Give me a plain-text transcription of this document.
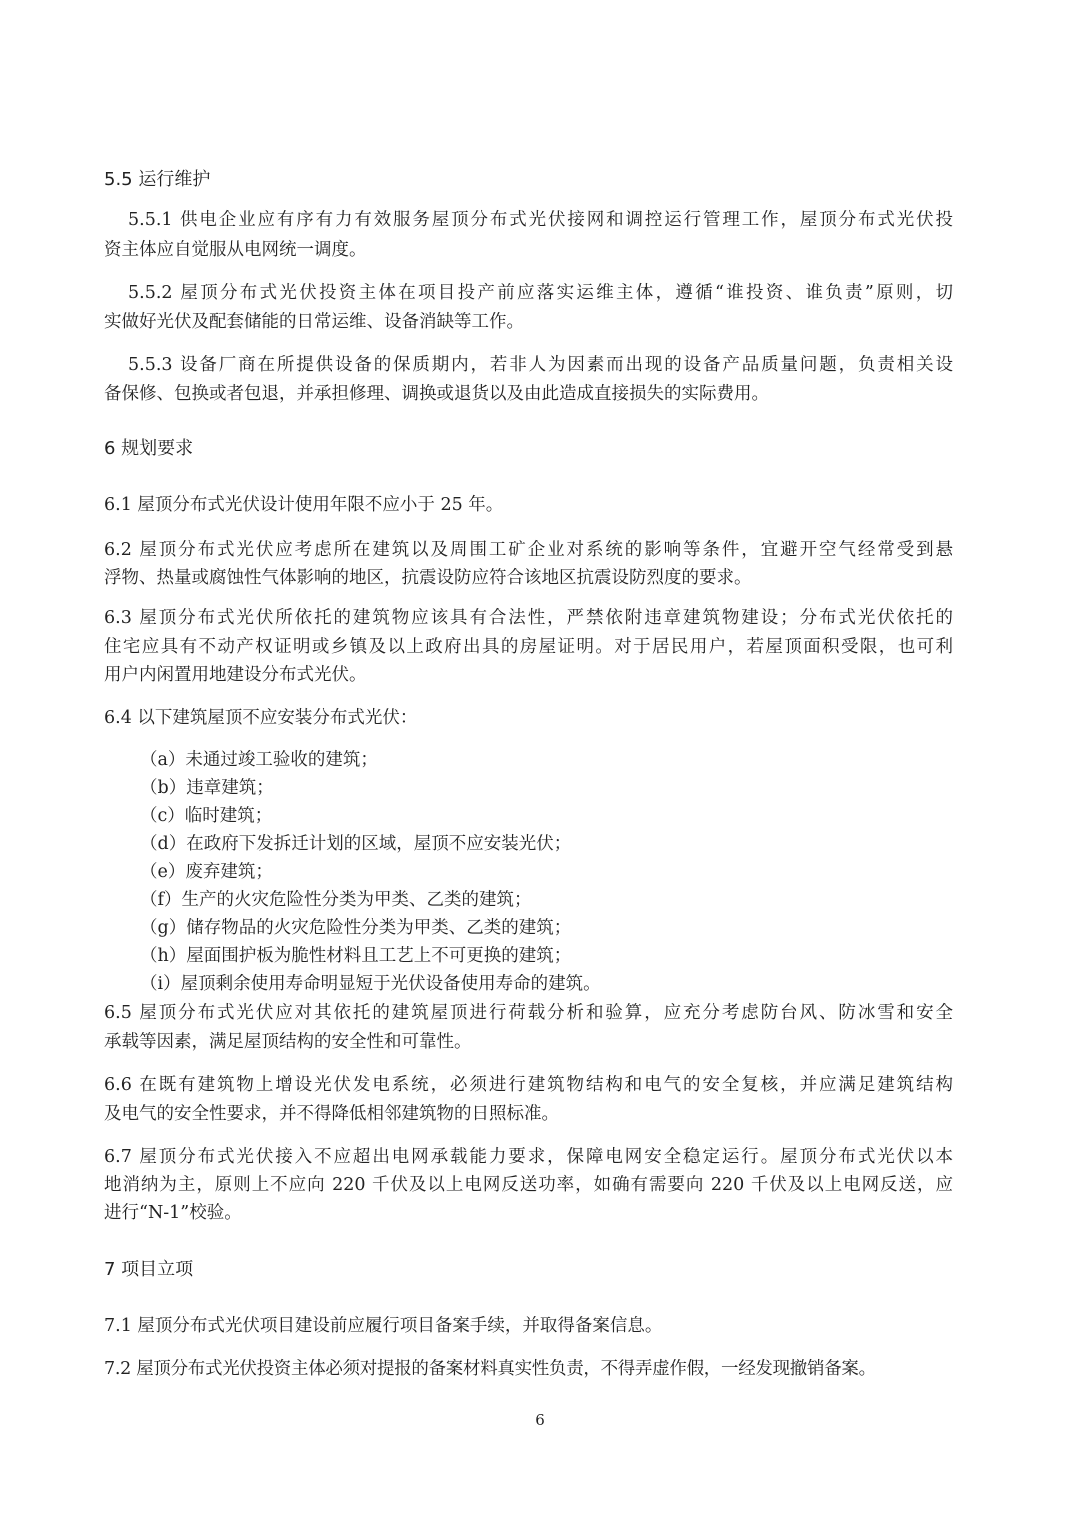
5.5 运行维护

5.5.1 供电企业应有序有力有效服务屋顶分布式光伏接网和调控运行管理工作，屋顶分布式光伏投

资主体应自觉服从电网统一调度。

5.5.2 屋顶分布式光伏投资主体在项目投产前应落实运维主体，遵循“谁投资、谁负责”原则，切

实做好光伏及配套储能的日常运维、设备消缺等工作。

5.5.3 设备厂商在所提供设备的保质期内，若非人为因素而出现的设备产品质量问题，负责相关设

备保修、包换或者包退，并承担修理、调换或退货以及由此造成直接损失的实际费用。

6 规划要求

6.1 屋顶分布式光伏设计使用年限不应小于 25 年。

6.2 屋顶分布式光伏应考虑所在建筑以及周围工矿企业对系统的影响等条件，宜避开空气经常受到悬

浮物、热量或腐蚀性气体影响的地区，抗震设防应符合该地区抗震设防烈度的要求。

6.3 屋顶分布式光伏所依托的建筑物应该具有合法性，严禁依附违章建筑物建设；分布式光伏依托的

住宅应具有不动产权证明或乡镇及以上政府出具的房屋证明。对于居民用户，若屋顶面积受限，也可利

用户内闲置用地建设分布式光伏。

6.4 以下建筑屋顶不应安装分布式光伏：

（a）未通过竣工验收的建筑；

（b）违章建筑；

（c）临时建筑；

（d）在政府下发拆迁计划的区域，屋顶不应安装光伏；

（e）废弃建筑；

（f）生产的火灾危险性分类为甲类、乙类的建筑；

（g）储存物品的火灾危险性分类为甲类、乙类的建筑；

（h）屋面围护板为脆性材料且工艺上不可更换的建筑；

（i）屋顶剩余使用寿命明显短于光伏设备使用寿命的建筑。

6.5 屋顶分布式光伏应对其依托的建筑屋顶进行荷载分析和验算，应充分考虑防台风、防冰雪和安全

承载等因素，满足屋顶结构的安全性和可靠性。

6.6 在既有建筑物上增设光伏发电系统，必须进行建筑物结构和电气的安全复核，并应满足建筑结构

及电气的安全性要求，并不得降低相邻建筑物的日照标准。

6.7 屋顶分布式光伏接入不应超出电网承载能力要求，保障电网安全稳定运行。屋顶分布式光伏以本

地消纳为主，原则上不应向 220 千伏及以上电网反送功率，如确有需要向 220 千伏及以上电网反送，应

进行“N-1”校验。

7 项目立项

7.1 屋顶分布式光伏项目建设前应履行项目备案手续，并取得备案信息。

7.2 屋顶分布式光伏投资主体必须对提报的备案材料真实性负责，不得弄虚作假，一经发现撤销备案。

6
